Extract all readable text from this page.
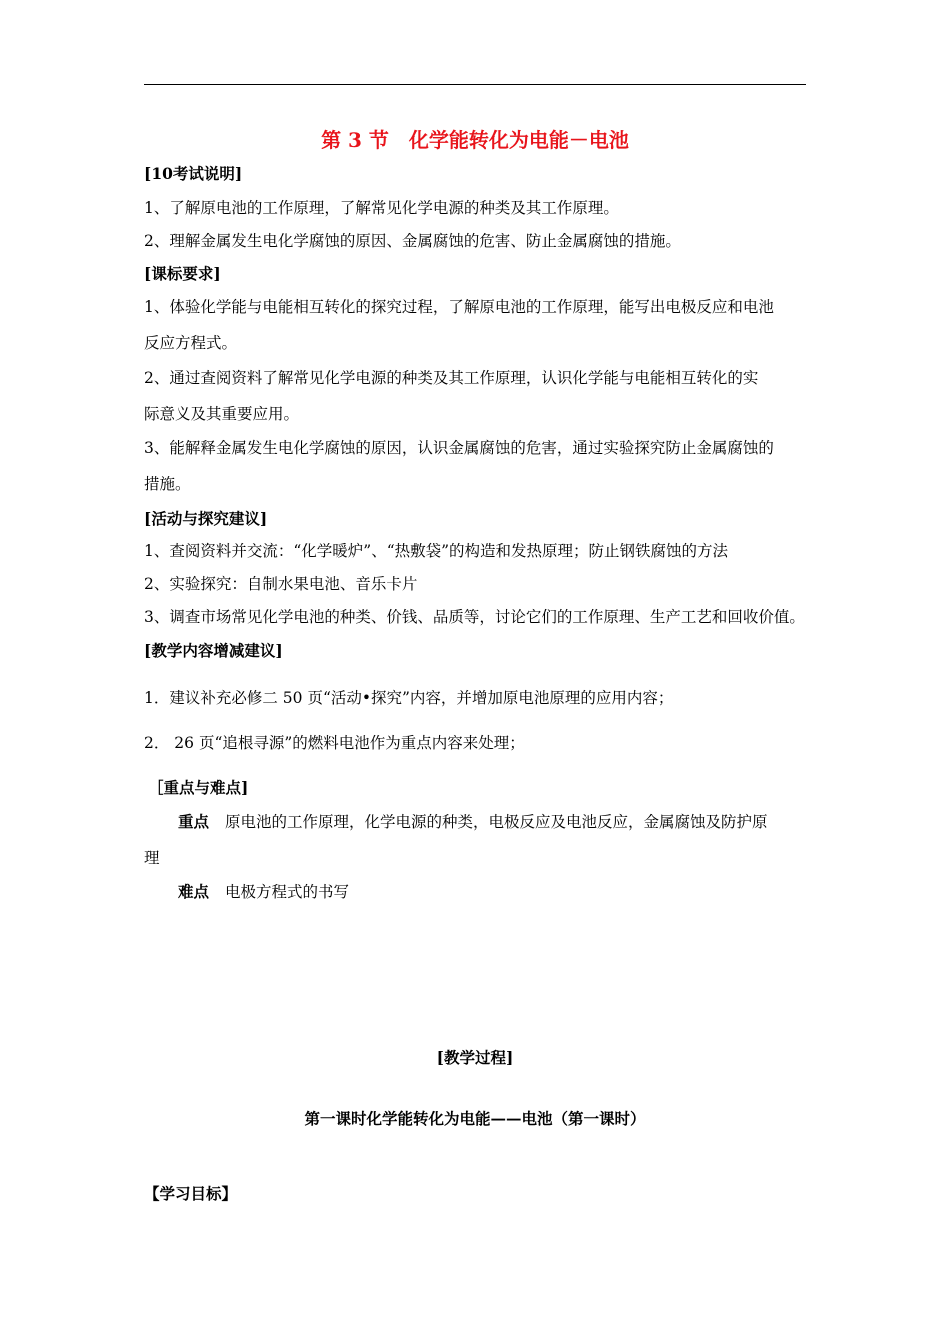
第 3 节　化学能转化为电能－电池
[10考试说明]
1、了解原电池的工作原理，了解常见化学电源的种类及其工作原理。
2、理解金属发生电化学腐蚀的原因、金属腐蚀的危害、防止金属腐蚀的措施。
[课标要求]
1、体验化学能与电能相互转化的探究过程，了解原电池的工作原理，能写出电极反应和电池
反应方程式。
2、通过查阅资料了解常见化学电源的种类及其工作原理，认识化学能与电能相互转化的实
际意义及其重要应用。
3、能解释金属发生电化学腐蚀的原因，认识金属腐蚀的危害，通过实验探究防止金属腐蚀的
措施。
[活动与探究建议]
1、查阅资料并交流：“化学暖炉”、“热敷袋”的构造和发热原理；防止钢铁腐蚀的方法
2、实验探究：自制水果电池、音乐卡片
3、调查市场常见化学电池的种类、价钱、品质等，讨论它们的工作原理、生产工艺和回收价值。
[教学内容增减建议]
1．建议补充必修二 50 页“活动•探究”内容，并增加原电池原理的应用内容；
2． 26 页“追根寻源”的燃料电池作为重点内容来处理；
［重点与难点]
重点 原电池的工作原理，化学电源的种类，电极反应及电池反应，金属腐蚀及防护原
理
难点 电极方程式的书写
[教学过程]
第一课时化学能转化为电能——电池（第一课时）
【学习目标】
